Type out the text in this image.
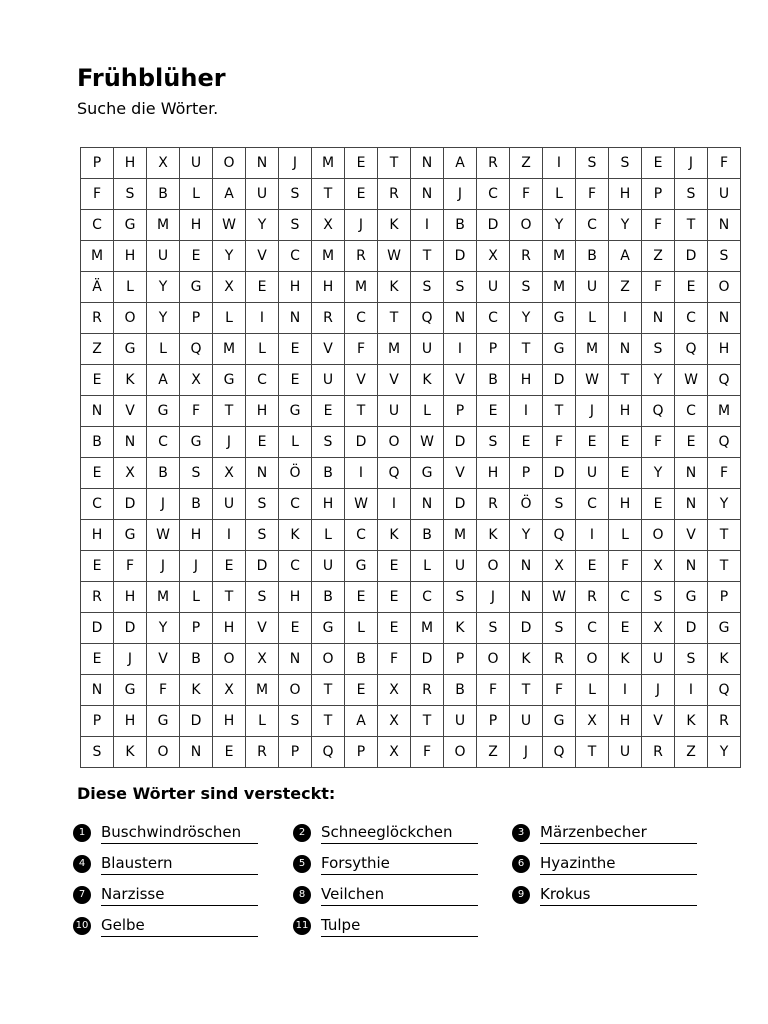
Frühblüher
Suche die Wörter.
P	H	X	U	O	N	J	M	E	T	N	A	R	Z	I	S	S	E	J	F
F	S	B	L	A	U	S	T	E	R	N	J	C	F	L	F	H	P	S	U
C	G	M	H	W	Y	S	X	J	K	I	B	D	O	Y	C	Y	F	T	N
M	H	U	E	Y	V	C	M	R	W	T	D	X	R	M	B	A	Z	D	S
Ä	L	Y	G	X	E	H	H	M	K	S	S	U	S	M	U	Z	F	E	O
R	O	Y	P	L	I	N	R	C	T	Q	N	C	Y	G	L	I	N	C	N
Z	G	L	Q	M	L	E	V	F	M	U	I	P	T	G	M	N	S	Q	H
E	K	A	X	G	C	E	U	V	V	K	V	B	H	D	W	T	Y	W	Q
N	V	G	F	T	H	G	E	T	U	L	P	E	I	T	J	H	Q	C	M
B	N	C	G	J	E	L	S	D	O	W	D	S	E	F	E	E	F	E	Q
E	X	B	S	X	N	Ö	B	I	Q	G	V	H	P	D	U	E	Y	N	F
C	D	J	B	U	S	C	H	W	I	N	D	R	Ö	S	C	H	E	N	Y
H	G	W	H	I	S	K	L	C	K	B	M	K	Y	Q	I	L	O	V	T
E	F	J	J	E	D	C	U	G	E	L	U	O	N	X	E	F	X	N	T
R	H	M	L	T	S	H	B	E	E	C	S	J	N	W	R	C	S	G	P
D	D	Y	P	H	V	E	G	L	E	M	K	S	D	S	C	E	X	D	G
E	J	V	B	O	X	N	O	B	F	D	P	O	K	R	O	K	U	S	K
N	G	F	K	X	M	O	T	E	X	R	B	F	T	F	L	I	J	I	Q
P	H	G	D	H	L	S	T	A	X	T	U	P	U	G	X	H	V	K	R
S	K	O	N	E	R	P	Q	P	X	F	O	Z	J	Q	T	U	R	Z	Y
Diese Wörter sind versteckt:
1	Buschwindröschen	2	Schneeglöckchen	3	Märzenbecher
4	Blaustern	5	Forsythie	6	Hyazinthe
7	Narzisse	8	Veilchen	9	Krokus
10 Gelbe	11 Tulpe
